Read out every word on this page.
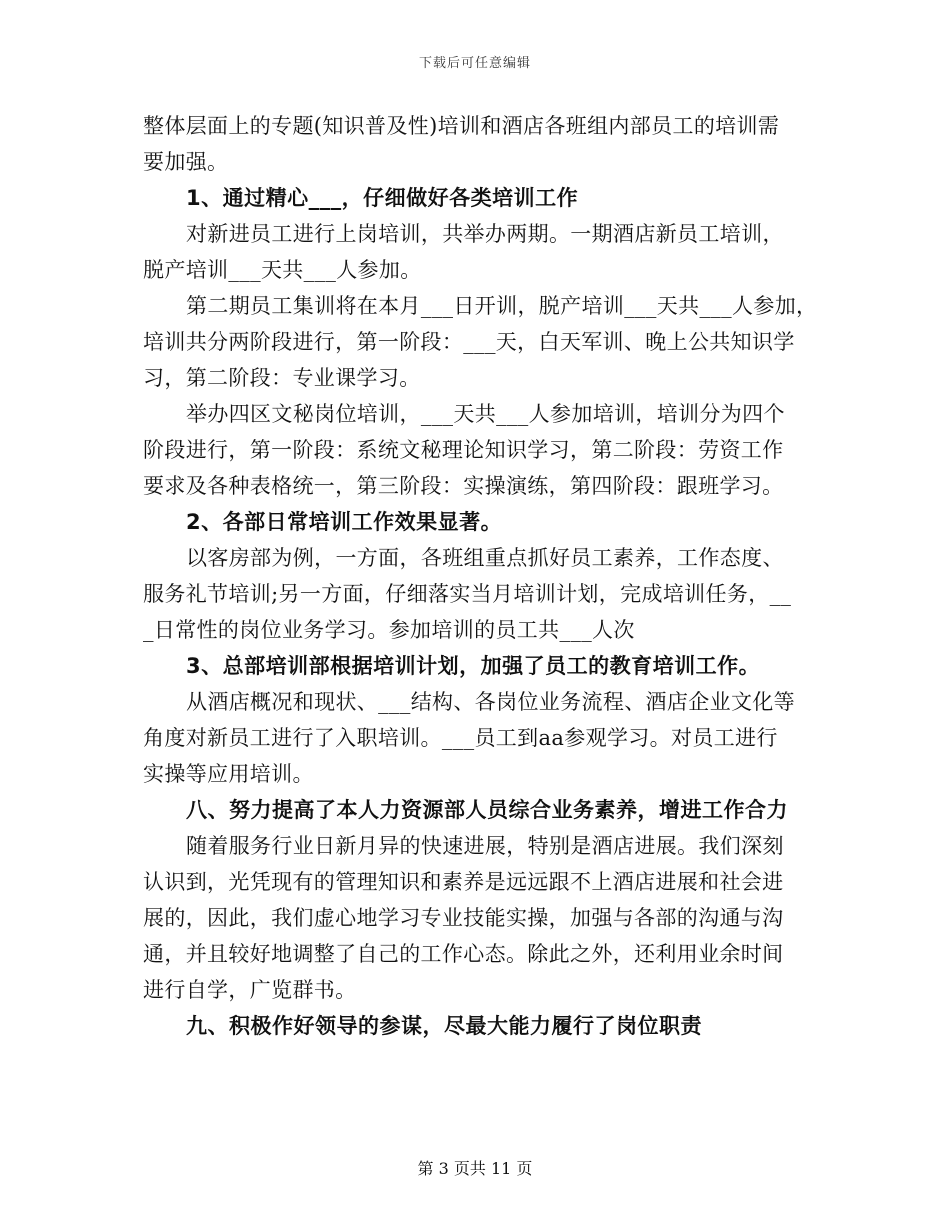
下载后可任意编辑
整体层面上的专题(知识普及性)培训和酒店各班组内部员工的培训需
要加强。
1、通过精心___，仔细做好各类培训工作
对新进员工进行上岗培训，共举办两期。一期酒店新员工培训，
脱产培训___天共___人参加。
第二期员工集训将在本月___日开训，脱产培训___天共___人参加，
培训共分两阶段进行，第一阶段：___天，白天军训、晚上公共知识学
习，第二阶段：专业课学习。
举办四区文秘岗位培训，___天共___人参加培训，培训分为四个
阶段进行，第一阶段：系统文秘理论知识学习，第二阶段：劳资工作
要求及各种表格统一，第三阶段：实操演练，第四阶段：跟班学习。
2、各部日常培训工作效果显著。
以客房部为例，一方面，各班组重点抓好员工素养，工作态度、
服务礼节培训;另一方面，仔细落实当月培训计划，完成培训任务，__
_日常性的岗位业务学习。参加培训的员工共___人次
3、总部培训部根据培训计划，加强了员工的教育培训工作。
从酒店概况和现状、___结构、各岗位业务流程、酒店企业文化等
角度对新员工进行了入职培训。___员工到aa参观学习。对员工进行
实操等应用培训。
八、努力提高了本人力资源部人员综合业务素养，增进工作合力
随着服务行业日新月异的快速进展，特别是酒店进展。我们深刻
认识到，光凭现有的管理知识和素养是远远跟不上酒店进展和社会进
展的，因此，我们虚心地学习专业技能实操，加强与各部的沟通与沟
通，并且较好地调整了自己的工作心态。除此之外，还利用业余时间
进行自学，广览群书。
九、积极作好领导的参谋，尽最大能力履行了岗位职责
第 3 页共 11 页
